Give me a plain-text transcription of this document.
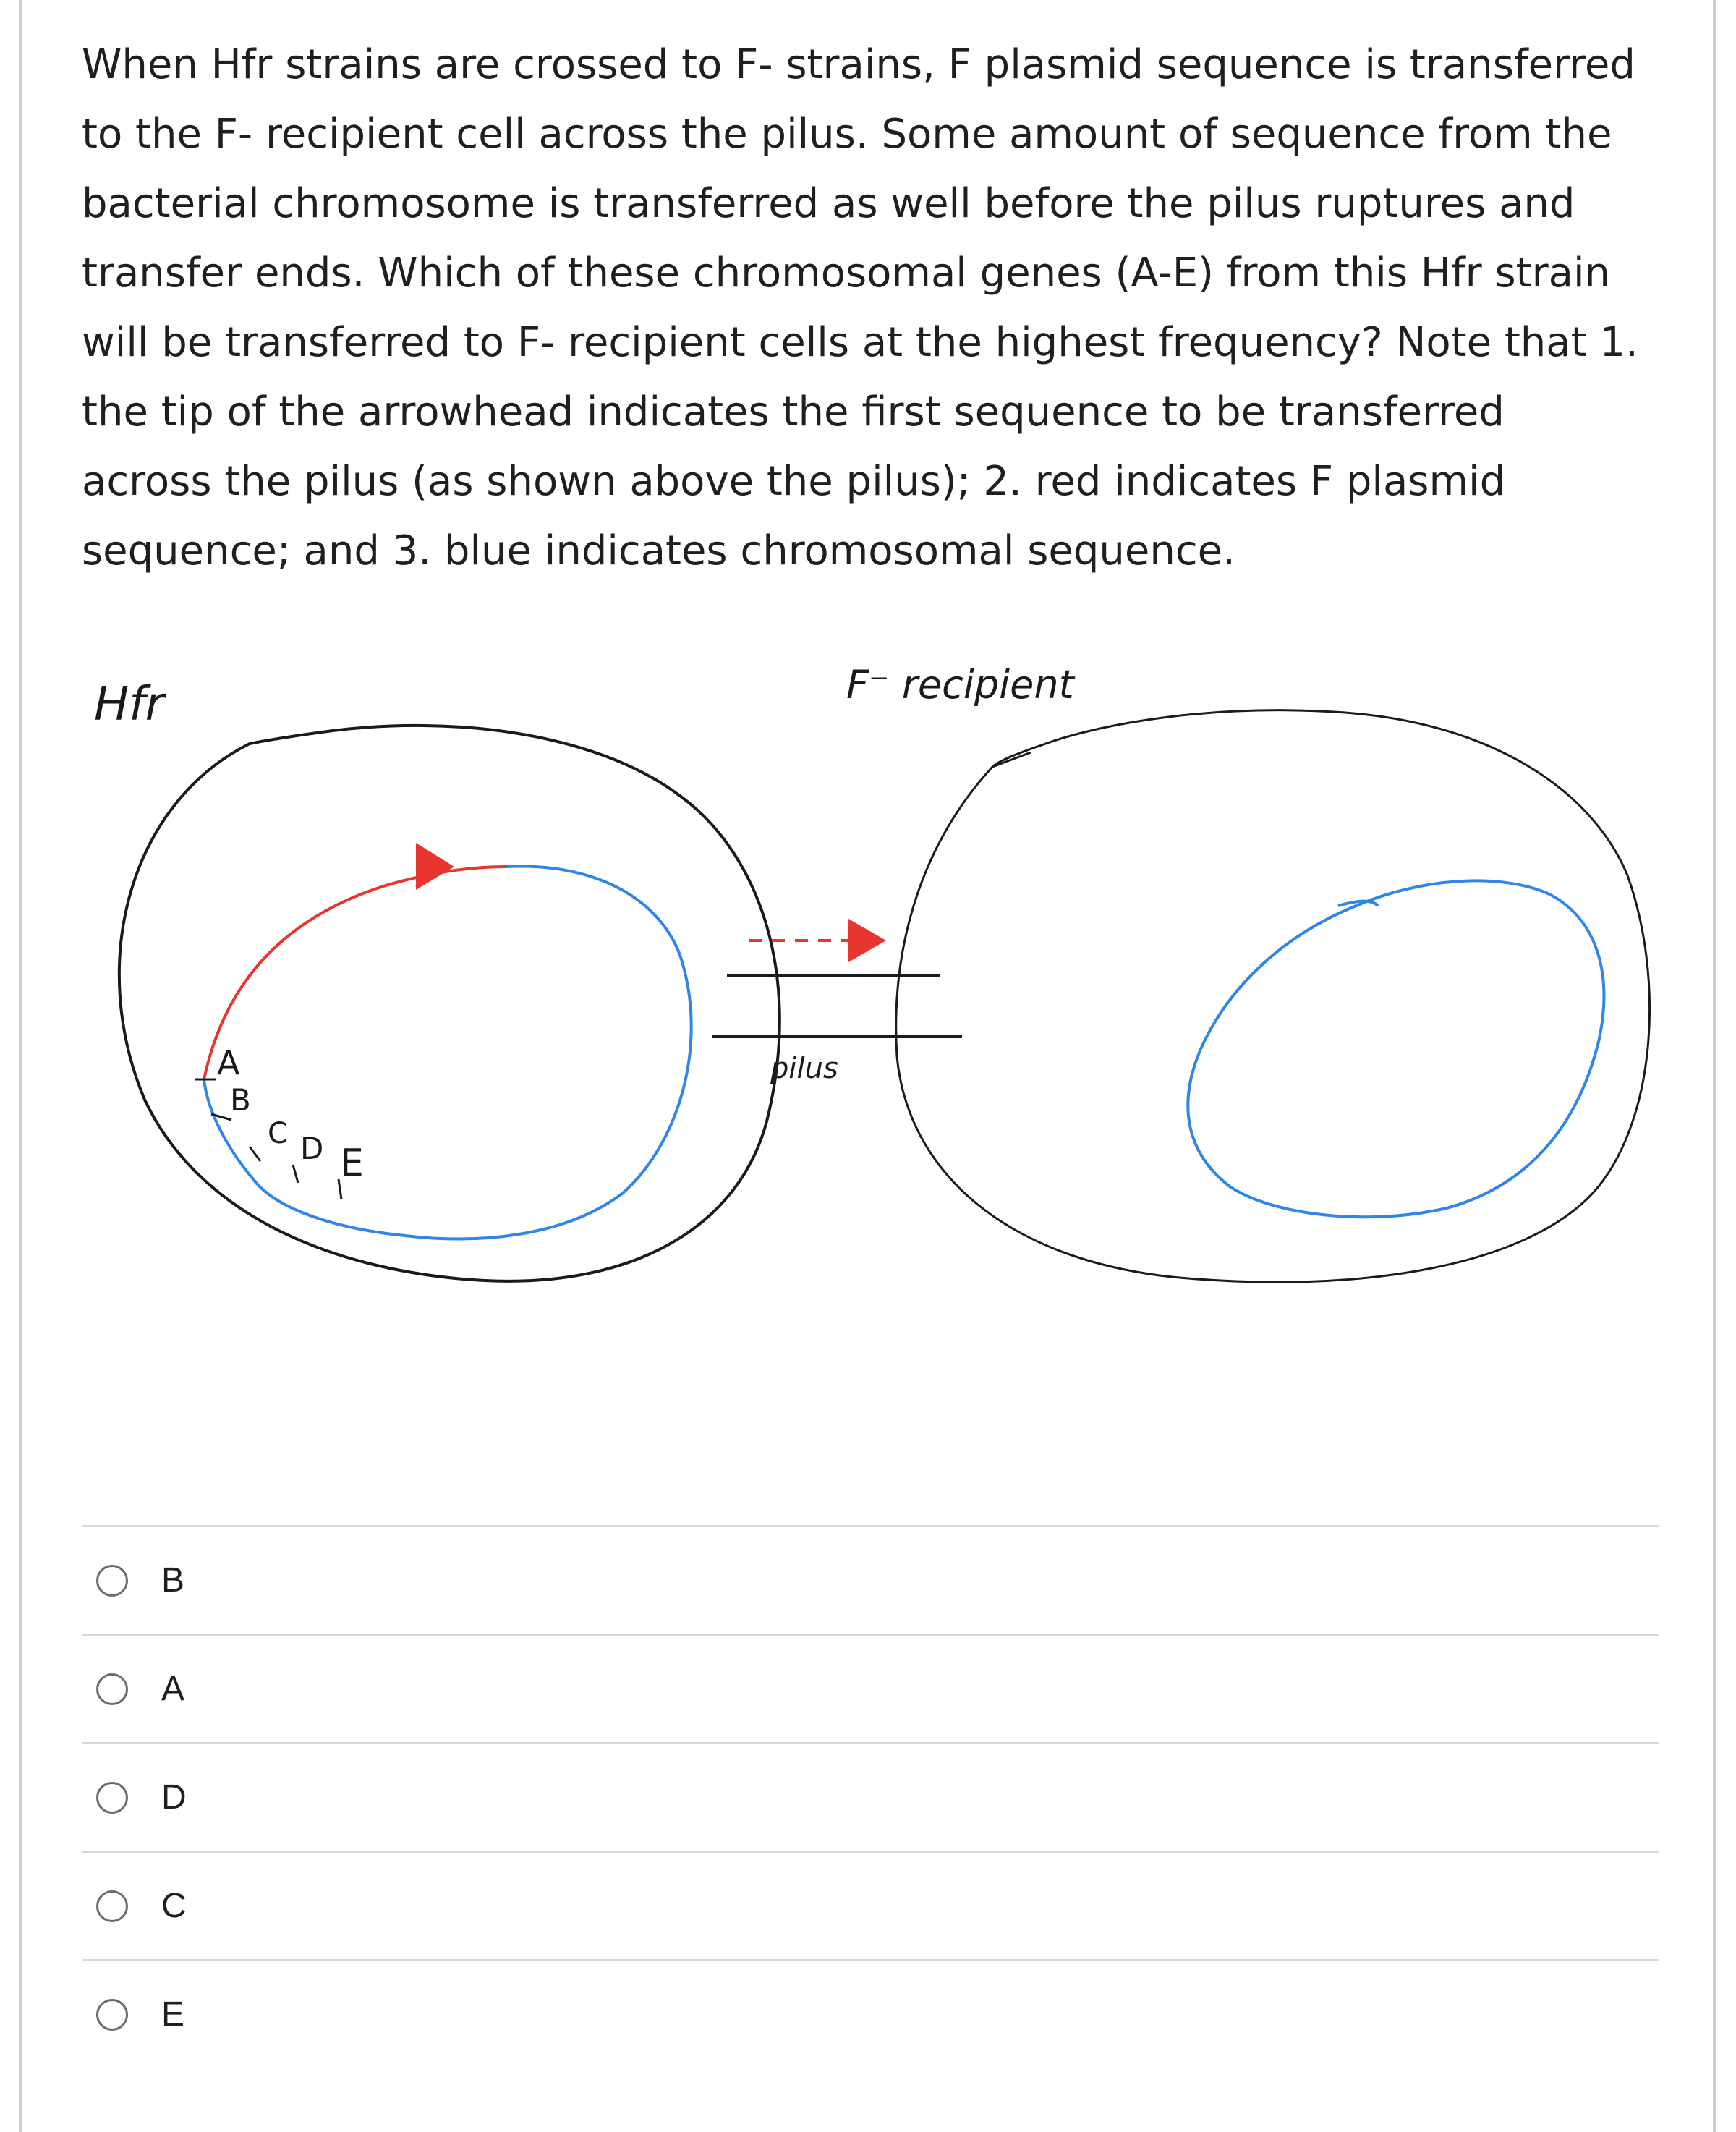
When Hfr strains are crossed to F- strains, F plasmid sequence is transferred to the F- recipient cell across the pilus. Some amount of sequence from the bacterial chromosome is transferred as well before the pilus ruptures and transfer ends. Which of these chromosomal genes (A-E) from this Hfr strain will be transferred to F- recipient cells at the highest frequency? Note that 1. the tip of the arrowhead indicates the first sequence to be transferred across the pilus (as shown above the pilus); 2. red indicates F plasmid sequence; and 3. blue indicates chromosomal sequence.

Hfr	F⁻ recipient
A
B
C D E
pilus
B
A
D
C
E
